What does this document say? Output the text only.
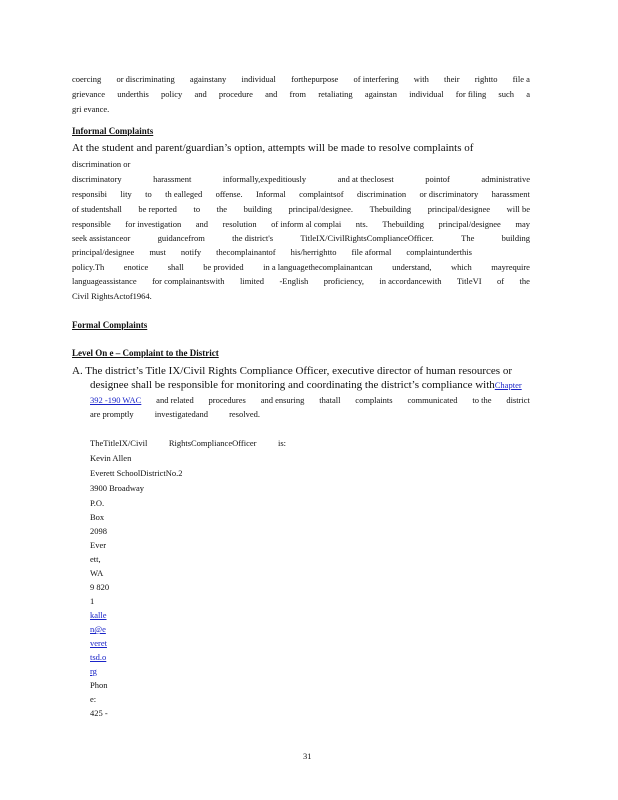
coercing or discriminating againstany individual forthepurpose of interfering with their rightto file a
grievance underthis policy and procedure and from retaliating againstan individual for filing such a
gri evance.
Informal Complaints
At the student and parent/guardian’s option, attempts will be made to resolve complaints of
discrimination or
discriminatory	harassment	informally,expeditiously	and at theclosest	pointof	administrative
responsibi lity to th ealleged offense. Informal complaintsof discrimination or discriminatory harassment
of studentshall be reported to the building principal/designee. Thebuilding principal/designee will be
responsible for investigation and resolution of inform al complai nts. Thebuilding principal/designee may
seek assistanceor	guidancefrom	the district's	TitleIX/CivilRightsComplianceOfficer.	The	building
principal/designee must notify thecomplainantof his/herrightto file aformal complaintunderthis
policy.Th enotice shall be provided in a languagethecomplainantcan understand, which mayrequire
languageassistance for complainantswith limited -English proficiency, in accordancewith TitleVI of the
Civil RightsActof1964.
Formal Complaints
Level On e – Complaint to the District
A. The district’s Title IX/Civil Rights Compliance Officer, executive director of human resources or
designee shall be responsible for monitoring and coordinating the district’s compliance withChapter
392 -190 WAC and related procedures and ensuring thatall complaints communicated to the district
are promptly investigatedand resolved.
TheTitleIX/Civil	RightsComplianceOfficer	is:
Kevin Allen
Everett SchoolDistrictNo.2
3900 Broadway
P.O.
Box
2098
Ever
ett,
WA
9 820
1
kalle
n@e
veret
tsd.o
rg
Phon
e:
425 -
31
